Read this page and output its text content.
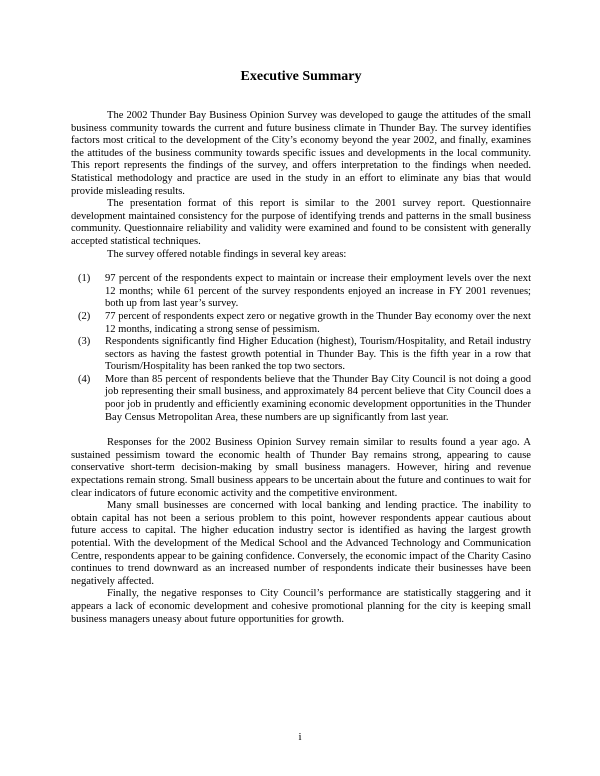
Executive Summary

The 2002 Thunder Bay Business Opinion Survey was developed to gauge the attitudes of the small business community towards the current and future business climate in Thunder Bay. The survey identifies factors most critical to the development of the City’s economy beyond the year 2002, and finally, examines the attitudes of the business community towards specific issues and developments in the local community. This report represents the findings of the survey, and offers interpretation to the findings when needed. Statistical methodology and practice are used in the study in an effort to eliminate any bias that would provide misleading results.

The presentation format of this report is similar to the 2001 survey report. Questionnaire development maintained consistency for the purpose of identifying trends and patterns in the small business community. Questionnaire reliability and validity were examined and found to be consistent with generally accepted statistical techniques.

The survey offered notable findings in several key areas:

(1) 97 percent of the respondents expect to maintain or increase their employment levels over the next 12 months; while 61 percent of the survey respondents enjoyed an increase in FY 2001 revenues; both up from last year’s survey.
(2) 77 percent of respondents expect zero or negative growth in the Thunder Bay economy over the next 12 months, indicating a strong sense of pessimism.
(3) Respondents significantly find Higher Education (highest), Tourism/Hospitality, and Retail industry sectors as having the fastest growth potential in Thunder Bay. This is the fifth year in a row that Tourism/Hospitality has been ranked the top two sectors.
(4) More than 85 percent of respondents believe that the Thunder Bay City Council is not doing a good job representing their small business, and approximately 84 percent believe that City Council does a poor job in prudently and efficiently examining economic development opportunities in the Thunder Bay Census Metropolitan Area, these numbers are up significantly from last year.

Responses for the 2002 Business Opinion Survey remain similar to results found a year ago. A sustained pessimism toward the economic health of Thunder Bay remains strong, appearing to cause conservative short-term decision-making by small business managers. However, hiring and revenue expectations remain strong. Small business appears to be uncertain about the future and continues to wait for clear indicators of future economic activity and the competitive environment.

Many small businesses are concerned with local banking and lending practice. The inability to obtain capital has not been a serious problem to this point, however respondents appear cautious about future access to capital. The higher education industry sector is identified as having the largest growth potential. With the development of the Medical School and the Advanced Technology and Communication Centre, respondents appear to be gaining confidence. Conversely, the economic impact of the Charity Casino continues to trend downward as an increased number of respondents indicate their businesses have been negatively affected.

Finally, the negative responses to City Council’s performance are statistically staggering and it appears a lack of economic development and cohesive promotional planning for the city is keeping small business managers uneasy about future opportunities for growth.

i
